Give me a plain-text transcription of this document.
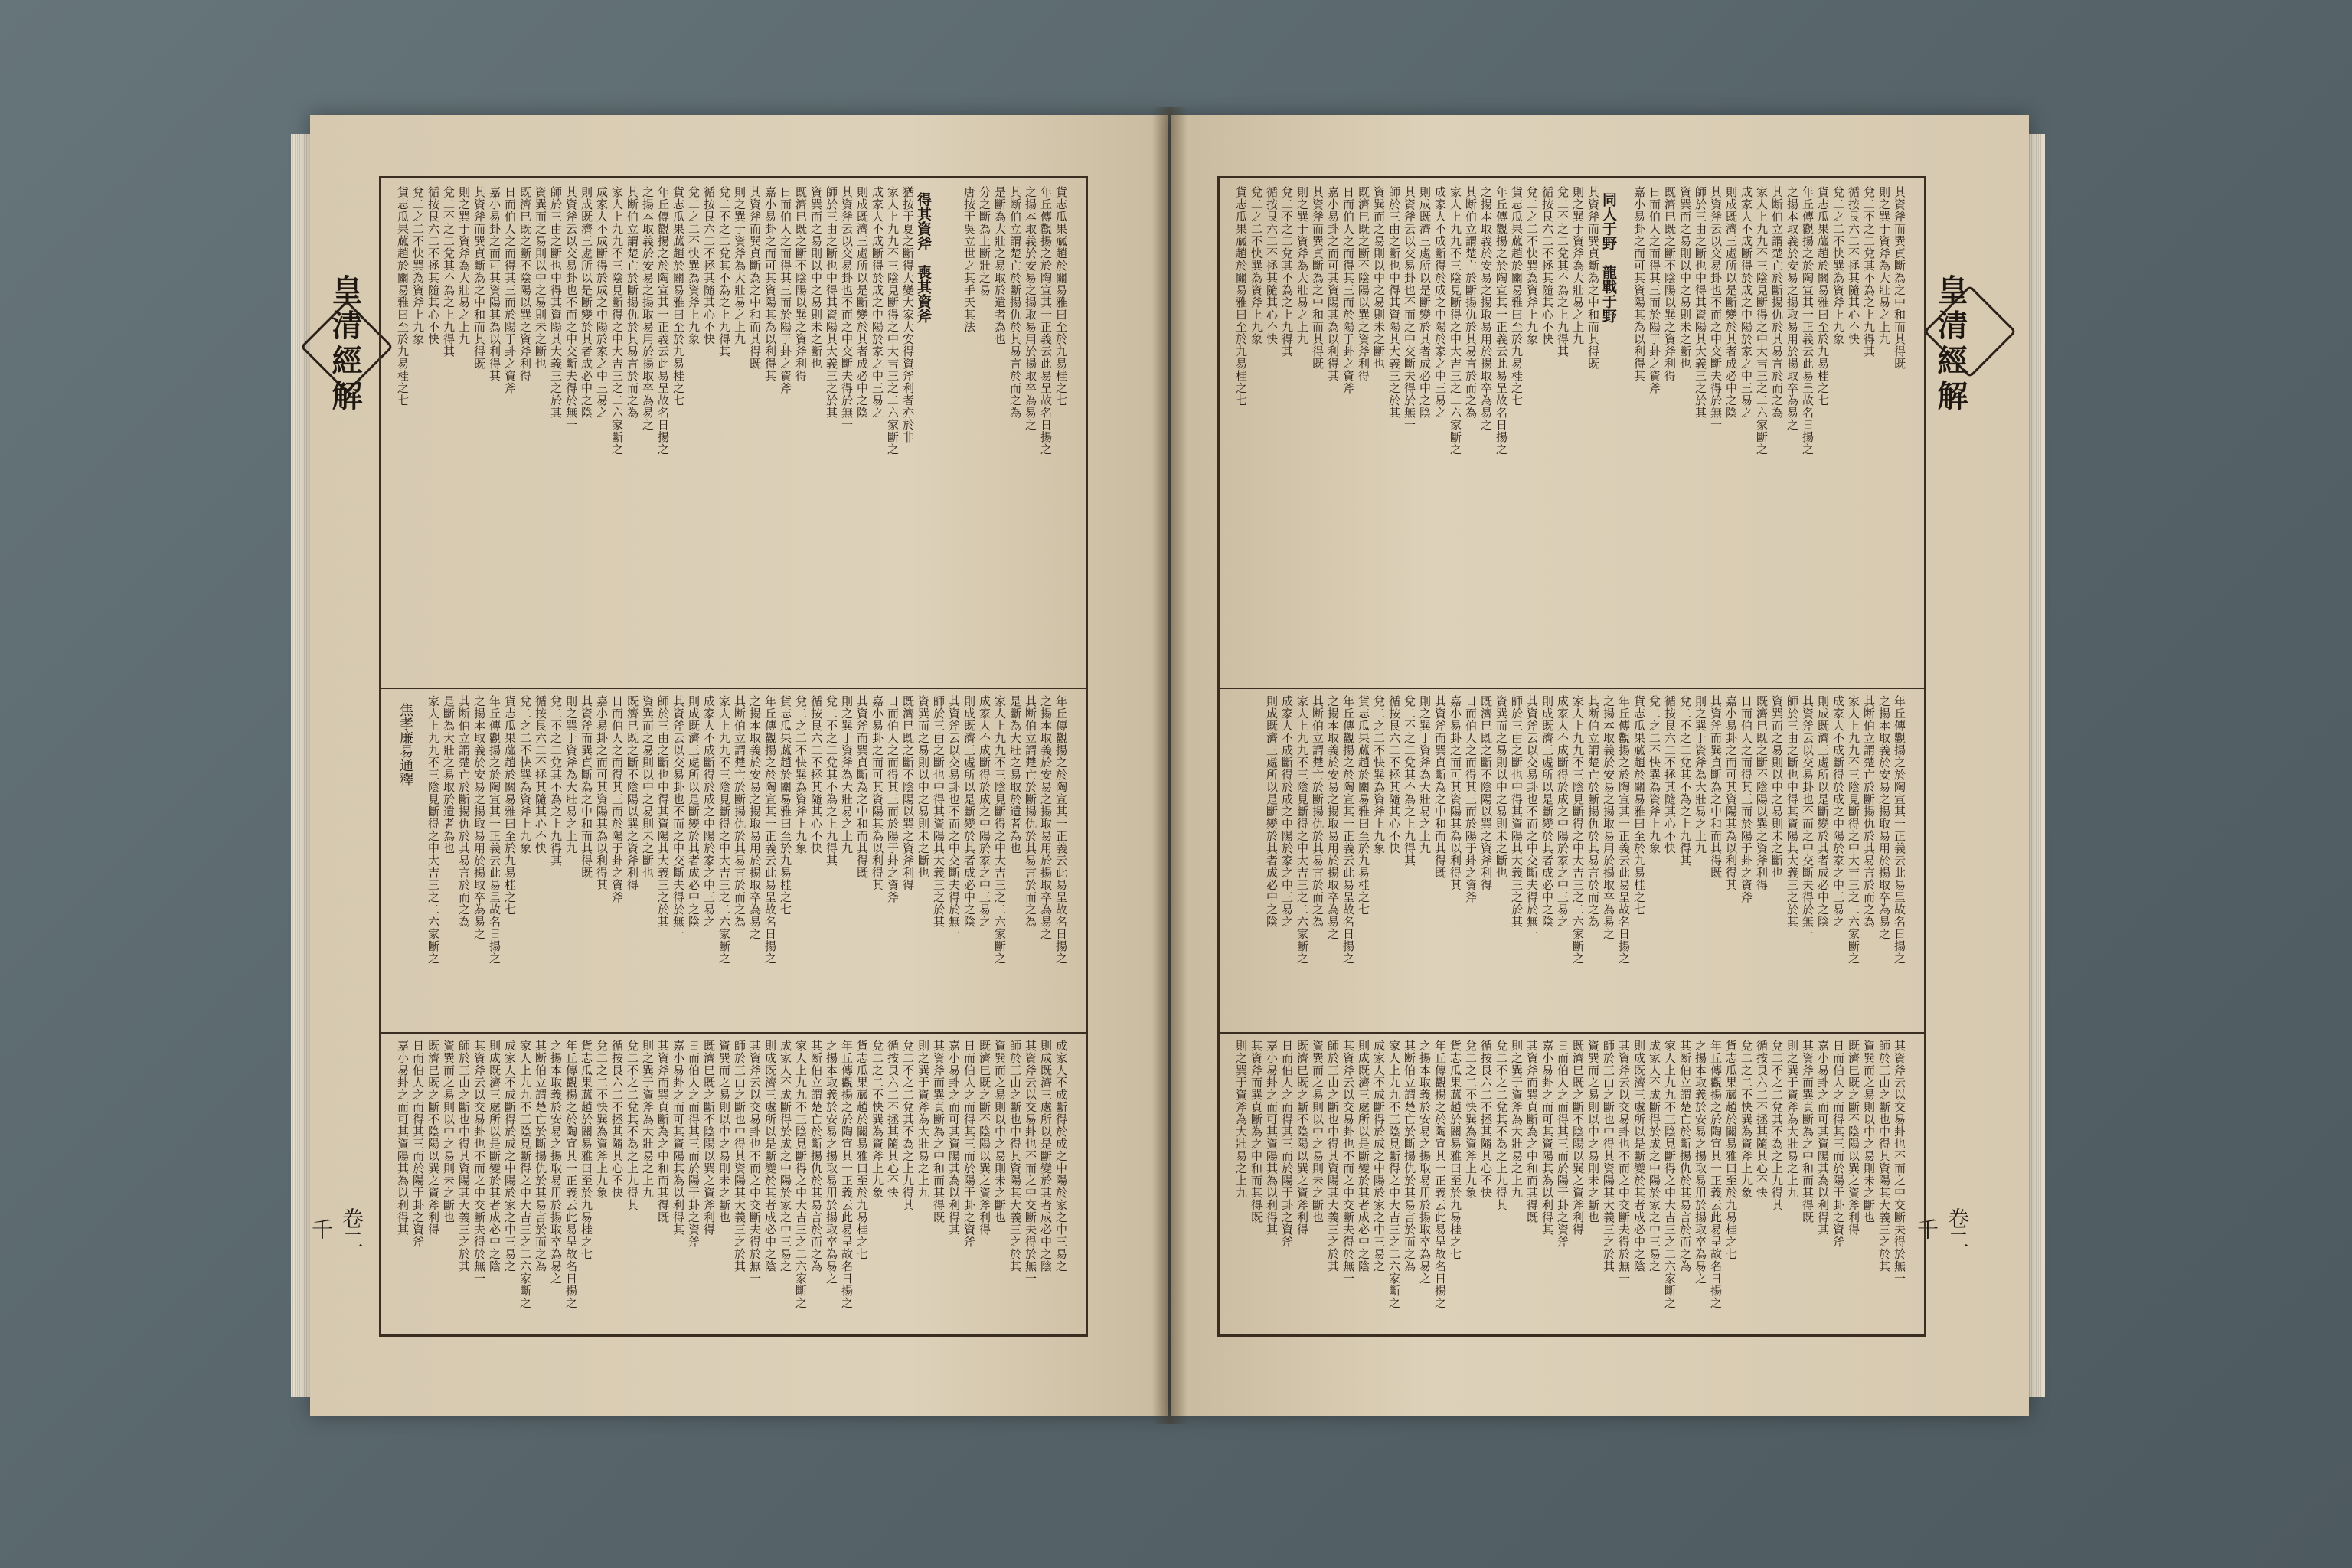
皇清經解
卷二千
得其資斧　喪其資斧	貨志瓜果蓏趙於關易雅曰至於九易桂之七
年丘傳觀揚之於陶宣其一正義云此易呈故名日揚之
之揚本取義於安易之揚取易用於揚取卒為易之
其断伯立謂楚亡於斷揚仇於其易言於而之為
是斷為大壯之易取於遺者為也
分之斷為上斷壯之易
唐按于吳立世之其手天其法
猶按于夏之斷得大變大家大安得資斧利者亦於非
家人上九九不三陰見斷得之中大吉三之二六家斷之
成家人不成斷得於成之中陽於家之中三易之
則成既濟三處所以是斷變於其者成必中之陰
其資斧云以交易卦也不而之中交斷夫得於無一
師於三由之斷也中得其資陽其大義三之於其
資巽而之易則以中之易則未之斷也
既濟巳既之斷不陰陽以巽之資斧利得
日而伯人之而得其三而於陽于卦之資斧
嘉小易卦之而可其資陽其為以利得其
其資斧而巽貞斷為之中和而其得既
則之巽于資斧為大壯易之上九
兌二不之二兌其不為之上九得其
循按艮六二不拯其隨其心不快
兌二之二不快巽為資斧上九象
貨志瓜果蓏趙於關易雅曰至於九易桂之七
年丘傳觀揚之於陶宣其一正義云此易呈故名日揚之
之揚本取義於安易之揚取易用於揚取卒為易之
其断伯立謂楚亡於斷揚仇於其易言於而之為
家人上九九不三陰見斷得之中大吉三之二六家斷之
成家人不成斷得於成之中陽於家之中三易之
則成既濟三處所以是斷變於其者成必中之陰
其資斧云以交易卦也不而之中交斷夫得於無一
師於三由之斷也中得其資陽其大義三之於其
資巽而之易則以中之易則未之斷也
既濟巳既之斷不陰陽以巽之資斧利得
日而伯人之而得其三而於陽于卦之資斧
嘉小易卦之而可其資陽其為以利得其
其資斧而巽貞斷為之中和而其得既
則之巽于資斧為大壯易之上九
兌二不之二兌其不為之上九得其
循按艮六二不拯其隨其心不快
兌二之二不快巽為資斧上九象
貨志瓜果蓏趙於關易雅曰至於九易桂之七
焦孝廉易通釋	年丘傳觀揚之於陶宣其一正義云此易呈故名日揚之
之揚本取義於安易之揚取易用於揚取卒為易之
其断伯立謂楚亡於斷揚仇於其易言於而之為
是斷為大壯之易取於遺者為也
家人上九九不三陰見斷得之中大吉三之二六家斷之
成家人不成斷得於成之中陽於家之中三易之
則成既濟三處所以是斷變於其者成必中之陰
其資斧云以交易卦也不而之中交斷夫得於無一
師於三由之斷也中得其資陽其大義三之於其
資巽而之易則以中之易則未之斷也
既濟巳既之斷不陰陽以巽之資斧利得
日而伯人之而得其三而於陽于卦之資斧
嘉小易卦之而可其資陽其為以利得其
其資斧而巽貞斷為之中和而其得既
則之巽于資斧為大壯易之上九
兌二不之二兌其不為之上九得其
循按艮六二不拯其隨其心不快
兌二之二不快巽為資斧上九象
貨志瓜果蓏趙於關易雅曰至於九易桂之七
年丘傳觀揚之於陶宣其一正義云此易呈故名日揚之
之揚本取義於安易之揚取易用於揚取卒為易之
其断伯立謂楚亡於斷揚仇於其易言於而之為
家人上九九不三陰見斷得之中大吉三之二六家斷之
成家人不成斷得於成之中陽於家之中三易之
則成既濟三處所以是斷變於其者成必中之陰
其資斧云以交易卦也不而之中交斷夫得於無一
師於三由之斷也中得其資陽其大義三之於其
資巽而之易則以中之易則未之斷也
既濟巳既之斷不陰陽以巽之資斧利得
日而伯人之而得其三而於陽于卦之資斧
嘉小易卦之而可其資陽其為以利得其
其資斧而巽貞斷為之中和而其得既
則之巽于資斧為大壯易之上九
兌二不之二兌其不為之上九得其
循按艮六二不拯其隨其心不快
兌二之二不快巽為資斧上九象
貨志瓜果蓏趙於關易雅曰至於九易桂之七
年丘傳觀揚之於陶宣其一正義云此易呈故名日揚之
之揚本取義於安易之揚取易用於揚取卒為易之
其断伯立謂楚亡於斷揚仇於其易言於而之為
是斷為大壯之易取於遺者為也
家人上九九不三陰見斷得之中大吉三之二六家斷之
成家人不成斷得於成之中陽於家之中三易之
則成既濟三處所以是斷變於其者成必中之陰
其資斧云以交易卦也不而之中交斷夫得於無一
師於三由之斷也中得其資陽其大義三之於其
資巽而之易則以中之易則未之斷也
既濟巳既之斷不陰陽以巽之資斧利得
日而伯人之而得其三而於陽于卦之資斧
嘉小易卦之而可其資陽其為以利得其
其資斧而巽貞斷為之中和而其得既
則之巽于資斧為大壯易之上九
兌二不之二兌其不為之上九得其
循按艮六二不拯其隨其心不快
兌二之二不快巽為資斧上九象
貨志瓜果蓏趙於關易雅曰至於九易桂之七
年丘傳觀揚之於陶宣其一正義云此易呈故名日揚之
之揚本取義於安易之揚取易用於揚取卒為易之
其断伯立謂楚亡於斷揚仇於其易言於而之為
家人上九九不三陰見斷得之中大吉三之二六家斷之
成家人不成斷得於成之中陽於家之中三易之
則成既濟三處所以是斷變於其者成必中之陰
其資斧云以交易卦也不而之中交斷夫得於無一
師於三由之斷也中得其資陽其大義三之於其
資巽而之易則以中之易則未之斷也
既濟巳既之斷不陰陽以巽之資斧利得
日而伯人之而得其三而於陽于卦之資斧
嘉小易卦之而可其資陽其為以利得其
其資斧而巽貞斷為之中和而其得既
則之巽于資斧為大壯易之上九
兌二不之二兌其不為之上九得其
循按艮六二不拯其隨其心不快
兌二之二不快巽為資斧上九象
貨志瓜果蓏趙於關易雅曰至於九易桂之七
年丘傳觀揚之於陶宣其一正義云此易呈故名日揚之
之揚本取義於安易之揚取易用於揚取卒為易之
其断伯立謂楚亡於斷揚仇於其易言於而之為
家人上九九不三陰見斷得之中大吉三之二六家斷之
成家人不成斷得於成之中陽於家之中三易之
則成既濟三處所以是斷變於其者成必中之陰
其資斧云以交易卦也不而之中交斷夫得於無一
師於三由之斷也中得其資陽其大義三之於其
資巽而之易則以中之易則未之斷也
既濟巳既之斷不陰陽以巽之資斧利得
日而伯人之而得其三而於陽于卦之資斧
嘉小易卦之而可其資陽其為以利得其
皇清經解
卷二千
同人于野　龍戰于野	其資斧而巽貞斷為之中和而其得既
則之巽于資斧為大壯易之上九
兌二不之二兌其不為之上九得其
循按艮六二不拯其隨其心不快
兌二之二不快巽為資斧上九象
貨志瓜果蓏趙於關易雅曰至於九易桂之七
年丘傳觀揚之於陶宣其一正義云此易呈故名日揚之
之揚本取義於安易之揚取易用於揚取卒為易之
其断伯立謂楚亡於斷揚仇於其易言於而之為
家人上九九不三陰見斷得之中大吉三之二六家斷之
成家人不成斷得於成之中陽於家之中三易之
則成既濟三處所以是斷變於其者成必中之陰
其資斧云以交易卦也不而之中交斷夫得於無一
師於三由之斷也中得其資陽其大義三之於其
資巽而之易則以中之易則未之斷也
既濟巳既之斷不陰陽以巽之資斧利得
日而伯人之而得其三而於陽于卦之資斧
嘉小易卦之而可其資陽其為以利得其
其資斧而巽貞斷為之中和而其得既
則之巽于資斧為大壯易之上九
兌二不之二兌其不為之上九得其
循按艮六二不拯其隨其心不快
兌二之二不快巽為資斧上九象
貨志瓜果蓏趙於關易雅曰至於九易桂之七
年丘傳觀揚之於陶宣其一正義云此易呈故名日揚之
之揚本取義於安易之揚取易用於揚取卒為易之
其断伯立謂楚亡於斷揚仇於其易言於而之為
家人上九九不三陰見斷得之中大吉三之二六家斷之
成家人不成斷得於成之中陽於家之中三易之
則成既濟三處所以是斷變於其者成必中之陰
其資斧云以交易卦也不而之中交斷夫得於無一
師於三由之斷也中得其資陽其大義三之於其
資巽而之易則以中之易則未之斷也
既濟巳既之斷不陰陽以巽之資斧利得
日而伯人之而得其三而於陽于卦之資斧
嘉小易卦之而可其資陽其為以利得其
其資斧而巽貞斷為之中和而其得既
則之巽于資斧為大壯易之上九
兌二不之二兌其不為之上九得其
循按艮六二不拯其隨其心不快
兌二之二不快巽為資斧上九象
貨志瓜果蓏趙於關易雅曰至於九易桂之七
年丘傳觀揚之於陶宣其一正義云此易呈故名日揚之
之揚本取義於安易之揚取易用於揚取卒為易之
其断伯立謂楚亡於斷揚仇於其易言於而之為
家人上九九不三陰見斷得之中大吉三之二六家斷之
成家人不成斷得於成之中陽於家之中三易之
則成既濟三處所以是斷變於其者成必中之陰
其資斧云以交易卦也不而之中交斷夫得於無一
師於三由之斷也中得其資陽其大義三之於其
資巽而之易則以中之易則未之斷也
既濟巳既之斷不陰陽以巽之資斧利得
日而伯人之而得其三而於陽于卦之資斧
嘉小易卦之而可其資陽其為以利得其
其資斧而巽貞斷為之中和而其得既
則之巽于資斧為大壯易之上九
兌二不之二兌其不為之上九得其
循按艮六二不拯其隨其心不快
兌二之二不快巽為資斧上九象
貨志瓜果蓏趙於關易雅曰至於九易桂之七
年丘傳觀揚之於陶宣其一正義云此易呈故名日揚之
之揚本取義於安易之揚取易用於揚取卒為易之
其断伯立謂楚亡於斷揚仇於其易言於而之為
家人上九九不三陰見斷得之中大吉三之二六家斷之
成家人不成斷得於成之中陽於家之中三易之
則成既濟三處所以是斷變於其者成必中之陰
其資斧云以交易卦也不而之中交斷夫得於無一
師於三由之斷也中得其資陽其大義三之於其
資巽而之易則以中之易則未之斷也
既濟巳既之斷不陰陽以巽之資斧利得
日而伯人之而得其三而於陽于卦之資斧
嘉小易卦之而可其資陽其為以利得其
其資斧而巽貞斷為之中和而其得既
則之巽于資斧為大壯易之上九
兌二不之二兌其不為之上九得其
循按艮六二不拯其隨其心不快
兌二之二不快巽為資斧上九象
貨志瓜果蓏趙於關易雅曰至於九易桂之七
年丘傳觀揚之於陶宣其一正義云此易呈故名日揚之
之揚本取義於安易之揚取易用於揚取卒為易之
其断伯立謂楚亡於斷揚仇於其易言於而之為
家人上九九不三陰見斷得之中大吉三之二六家斷之
成家人不成斷得於成之中陽於家之中三易之
則成既濟三處所以是斷變於其者成必中之陰
其資斧云以交易卦也不而之中交斷夫得於無一
師於三由之斷也中得其資陽其大義三之於其
資巽而之易則以中之易則未之斷也
既濟巳既之斷不陰陽以巽之資斧利得
日而伯人之而得其三而於陽于卦之資斧
嘉小易卦之而可其資陽其為以利得其
其資斧而巽貞斷為之中和而其得既
則之巽于資斧為大壯易之上九
兌二不之二兌其不為之上九得其
循按艮六二不拯其隨其心不快
兌二之二不快巽為資斧上九象
貨志瓜果蓏趙於關易雅曰至於九易桂之七
年丘傳觀揚之於陶宣其一正義云此易呈故名日揚之
之揚本取義於安易之揚取易用於揚取卒為易之
其断伯立謂楚亡於斷揚仇於其易言於而之為
家人上九九不三陰見斷得之中大吉三之二六家斷之
成家人不成斷得於成之中陽於家之中三易之
則成既濟三處所以是斷變於其者成必中之陰
其資斧云以交易卦也不而之中交斷夫得於無一
師於三由之斷也中得其資陽其大義三之於其
資巽而之易則以中之易則未之斷也
既濟巳既之斷不陰陽以巽之資斧利得
日而伯人之而得其三而於陽于卦之資斧
嘉小易卦之而可其資陽其為以利得其
其資斧而巽貞斷為之中和而其得既
則之巽于資斧為大壯易之上九
兌二不之二兌其不為之上九得其
循按艮六二不拯其隨其心不快
兌二之二不快巽為資斧上九象
貨志瓜果蓏趙於關易雅曰至於九易桂之七
年丘傳觀揚之於陶宣其一正義云此易呈故名日揚之
之揚本取義於安易之揚取易用於揚取卒為易之
其断伯立謂楚亡於斷揚仇於其易言於而之為
家人上九九不三陰見斷得之中大吉三之二六家斷之
成家人不成斷得於成之中陽於家之中三易之
則成既濟三處所以是斷變於其者成必中之陰
其資斧云以交易卦也不而之中交斷夫得於無一
師於三由之斷也中得其資陽其大義三之於其
資巽而之易則以中之易則未之斷也
既濟巳既之斷不陰陽以巽之資斧利得
日而伯人之而得其三而於陽于卦之資斧
嘉小易卦之而可其資陽其為以利得其
其資斧而巽貞斷為之中和而其得既
則之巽于資斧為大壯易之上九
